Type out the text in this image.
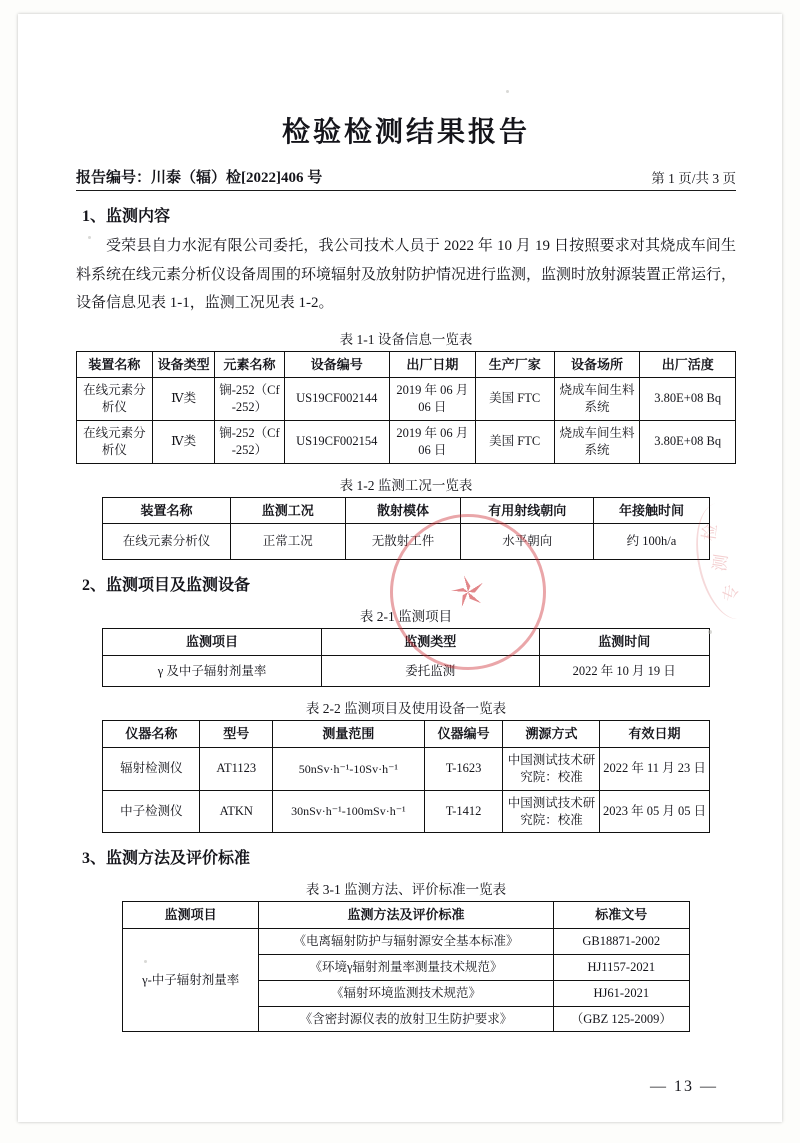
检
测
专
检验检测结果报告
报告编号：川泰（辐）检[2022]406 号	第 1 页/共 3 页
1、监测内容

受荣县自力水泥有限公司委托，我公司技术人员于 2022 年 10 月 19 日按照要求对其烧成车间生料系统在线元素分析仪设备周围的环境辐射及放射防护情况进行监测，监测时放射源装置正常运行，设备信息见表 1-1，监测工况见表 1-2。

表 1-1 设备信息一览表
装置名称	设备类型	元素名称	设备编号	出厂日期	生产厂家	设备场所	出厂活度
在线元素分析仪	Ⅳ类	锎-252（Cf-252）	US19CF002144	2019 年 06 月 06 日	美国 FTC	烧成车间生料系统	3.80E+08 Bq
在线元素分析仪	Ⅳ类	锎-252（Cf-252）	US19CF002154	2019 年 06 月 06 日	美国 FTC	烧成车间生料系统	3.80E+08 Bq
表 1-2 监测工况一览表
装置名称	监测工况	散射模体	有用射线朝向	年接触时间
在线元素分析仪	正常工况	无散射工件	水平朝向	约 100h/a
2、监测项目及监测设备
表 2-1 监测项目
监测项目	监测类型	监测时间
γ 及中子辐射剂量率	委托监测	2022 年 10 月 19 日
表 2-2 监测项目及使用设备一览表
仪器名称	型号	测量范围	仪器编号	溯源方式	有效日期
辐射检测仪	AT1123	50nSv·h⁻¹-10Sv·h⁻¹	T-1623	中国测试技术研究院：校准	2022 年 11 月 23 日
中子检测仪	ATKN	30nSv·h⁻¹-100mSv·h⁻¹	T-1412	中国测试技术研究院：校准	2023 年 05 月 05 日
3、监测方法及评价标准
表 3-1 监测方法、评价标准一览表
监测项目	监测方法及评价标准	标准文号
γ-中子辐射剂量率	《电离辐射防护与辐射源安全基本标准》	GB18871-2002
	《环境γ辐射剂量率测量技术规范》	HJ1157-2021
	《辐射环境监测技术规范》	HJ61-2021
	《含密封源仪表的放射卫生防护要求》	（GBZ 125-2009）
— 13 —
